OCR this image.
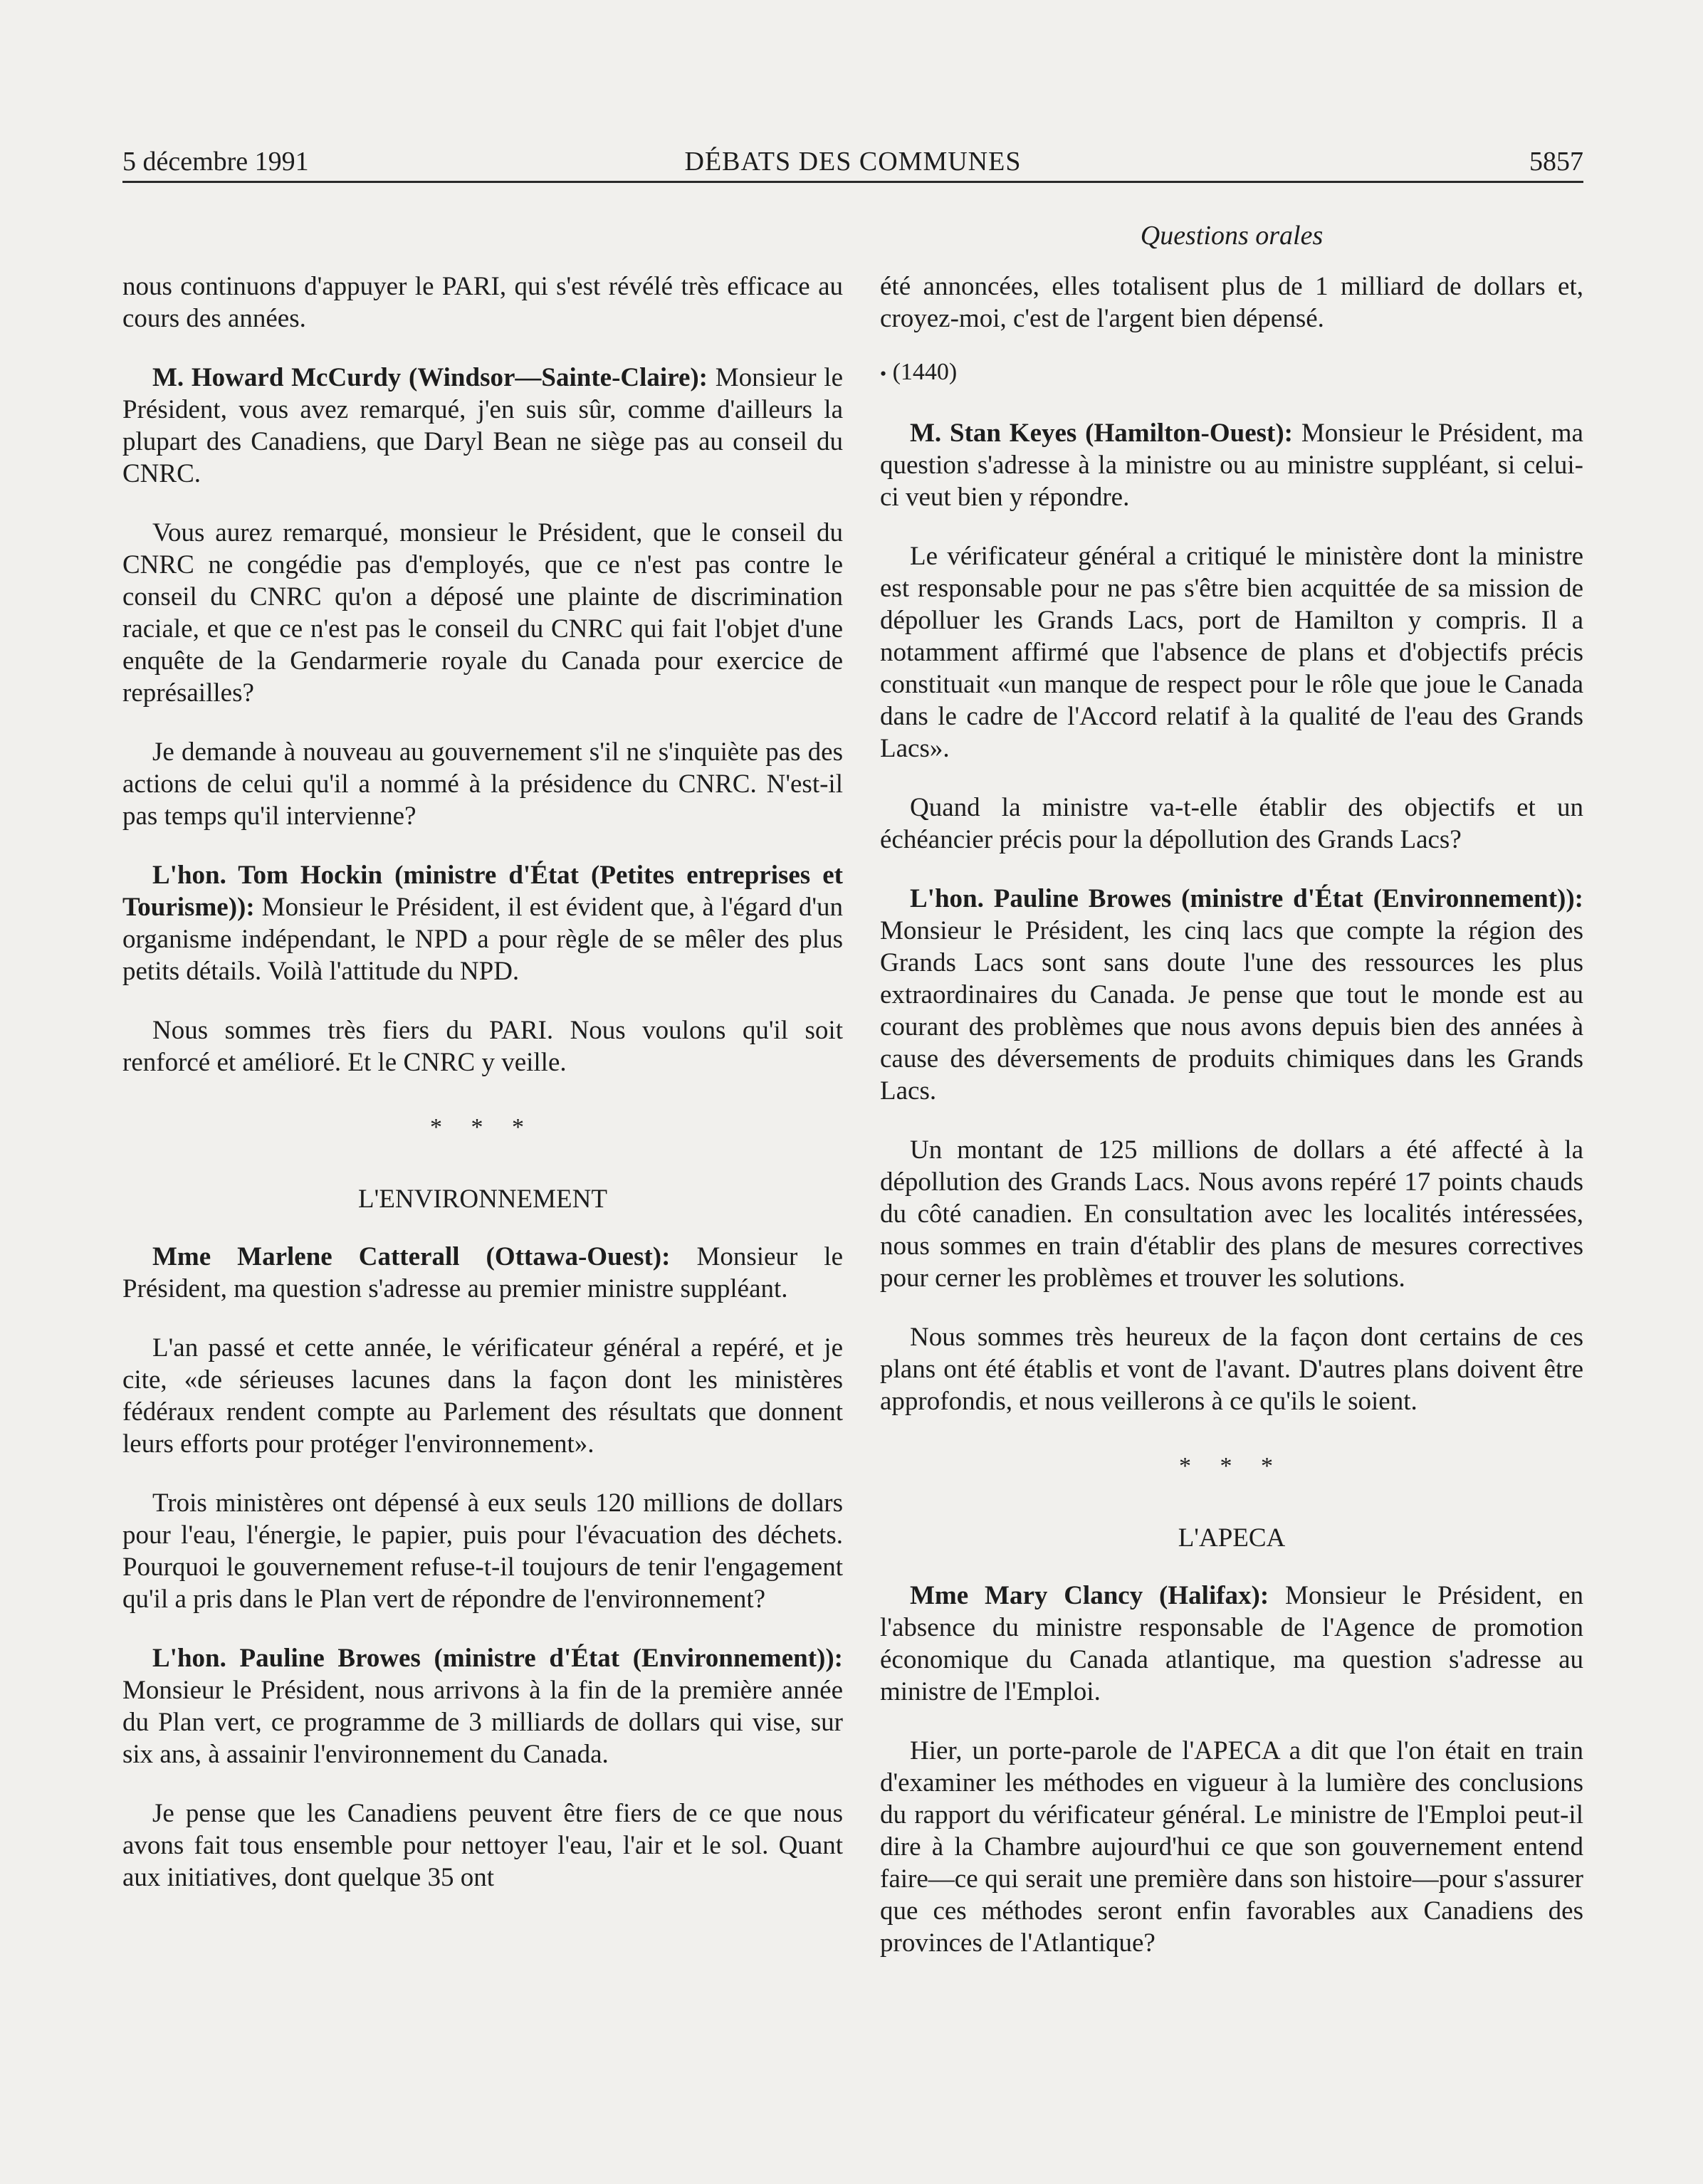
5 décembre 1991	DÉBATS DES COMMUNES	5857
Questions orales

nous continuons d'appuyer le PARI, qui s'est révélé très efficace au cours des années.

M. Howard McCurdy (Windsor—Sainte-Claire): Monsieur le Président, vous avez remarqué, j'en suis sûr, comme d'ailleurs la plupart des Canadiens, que Daryl Bean ne siège pas au conseil du CNRC.

Vous aurez remarqué, monsieur le Président, que le conseil du CNRC ne congédie pas d'employés, que ce n'est pas contre le conseil du CNRC qu'on a déposé une plainte de discrimination raciale, et que ce n'est pas le conseil du CNRC qui fait l'objet d'une enquête de la Gendarmerie royale du Canada pour exercice de représailles?

Je demande à nouveau au gouvernement s'il ne s'inquiète pas des actions de celui qu'il a nommé à la présidence du CNRC. N'est-il pas temps qu'il intervienne?

L'hon. Tom Hockin (ministre d'État (Petites entreprises et Tourisme)): Monsieur le Président, il est évident que, à l'égard d'un organisme indépendant, le NPD a pour règle de se mêler des plus petits détails. Voilà l'attitude du NPD.

Nous sommes très fiers du PARI. Nous voulons qu'il soit renforcé et amélioré. Et le CNRC y veille.

* * *
L'ENVIRONNEMENT

Mme Marlene Catterall (Ottawa-Ouest): Monsieur le Président, ma question s'adresse au premier ministre suppléant.

L'an passé et cette année, le vérificateur général a repéré, et je cite, «de sérieuses lacunes dans la façon dont les ministères fédéraux rendent compte au Parlement des résultats que donnent leurs efforts pour protéger l'environnement».

Trois ministères ont dépensé à eux seuls 120 millions de dollars pour l'eau, l'énergie, le papier, puis pour l'évacuation des déchets. Pourquoi le gouvernement refuse-t-il toujours de tenir l'engagement qu'il a pris dans le Plan vert de répondre de l'environnement?

L'hon. Pauline Browes (ministre d'État (Environnement)): Monsieur le Président, nous arrivons à la fin de la première année du Plan vert, ce programme de 3 milliards de dollars qui vise, sur six ans, à assainir l'environnement du Canada.

Je pense que les Canadiens peuvent être fiers de ce que nous avons fait tous ensemble pour nettoyer l'eau, l'air et le sol. Quant aux initiatives, dont quelque 35 ont

été annoncées, elles totalisent plus de 1 milliard de dollars et, croyez-moi, c'est de l'argent bien dépensé.

• (1440)

M. Stan Keyes (Hamilton-Ouest): Monsieur le Président, ma question s'adresse à la ministre ou au ministre suppléant, si celui-ci veut bien y répondre.

Le vérificateur général a critiqué le ministère dont la ministre est responsable pour ne pas s'être bien acquittée de sa mission de dépolluer les Grands Lacs, port de Hamilton y compris. Il a notamment affirmé que l'absence de plans et d'objectifs précis constituait «un manque de respect pour le rôle que joue le Canada dans le cadre de l'Accord relatif à la qualité de l'eau des Grands Lacs».

Quand la ministre va-t-elle établir des objectifs et un échéancier précis pour la dépollution des Grands Lacs?

L'hon. Pauline Browes (ministre d'État (Environnement)): Monsieur le Président, les cinq lacs que compte la région des Grands Lacs sont sans doute l'une des ressources les plus extraordinaires du Canada. Je pense que tout le monde est au courant des problèmes que nous avons depuis bien des années à cause des déversements de produits chimiques dans les Grands Lacs.

Un montant de 125 millions de dollars a été affecté à la dépollution des Grands Lacs. Nous avons repéré 17 points chauds du côté canadien. En consultation avec les localités intéressées, nous sommes en train d'établir des plans de mesures correctives pour cerner les problèmes et trouver les solutions.

Nous sommes très heureux de la façon dont certains de ces plans ont été établis et vont de l'avant. D'autres plans doivent être approfondis, et nous veillerons à ce qu'ils le soient.

* * *
L'APECA

Mme Mary Clancy (Halifax): Monsieur le Président, en l'absence du ministre responsable de l'Agence de promotion économique du Canada atlantique, ma question s'adresse au ministre de l'Emploi.

Hier, un porte-parole de l'APECA a dit que l'on était en train d'examiner les méthodes en vigueur à la lumière des conclusions du rapport du vérificateur général. Le ministre de l'Emploi peut-il dire à la Chambre aujourd'hui ce que son gouvernement entend faire—ce qui serait une première dans son histoire—pour s'assurer que ces méthodes seront enfin favorables aux Canadiens des provinces de l'Atlantique?
